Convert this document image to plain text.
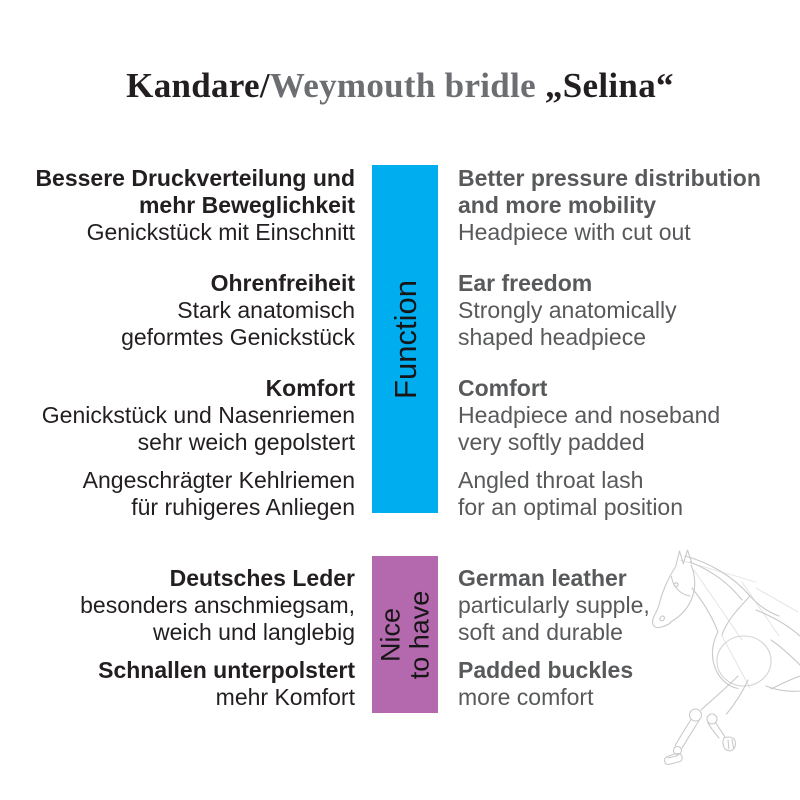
Kandare/Weymouth bridle „Selina“
Bessere Druckverteilung und
mehr Beweglichkeit
Genickstück mit Einschnitt
Ohrenfreiheit
Stark anatomisch
geformtes Genickstück
Komfort
Genickstück und Nasenriemen
sehr weich gepolstert
Angeschrägter Kehlriemen
für ruhigeres Anliegen
Better pressure distribution
and more mobility
Headpiece with cut out
Ear freedom
Strongly anatomically
shaped headpiece
Comfort
Headpiece and noseband
very softly padded
Angled throat lash
for an optimal position
Deutsches Leder
besonders anschmiegsam,
weich und langlebig
Schnallen unterpolstert
mehr Komfort
German leather
particularly supple,
soft and durable
Padded buckles
more comfort
Function
Nice to have
